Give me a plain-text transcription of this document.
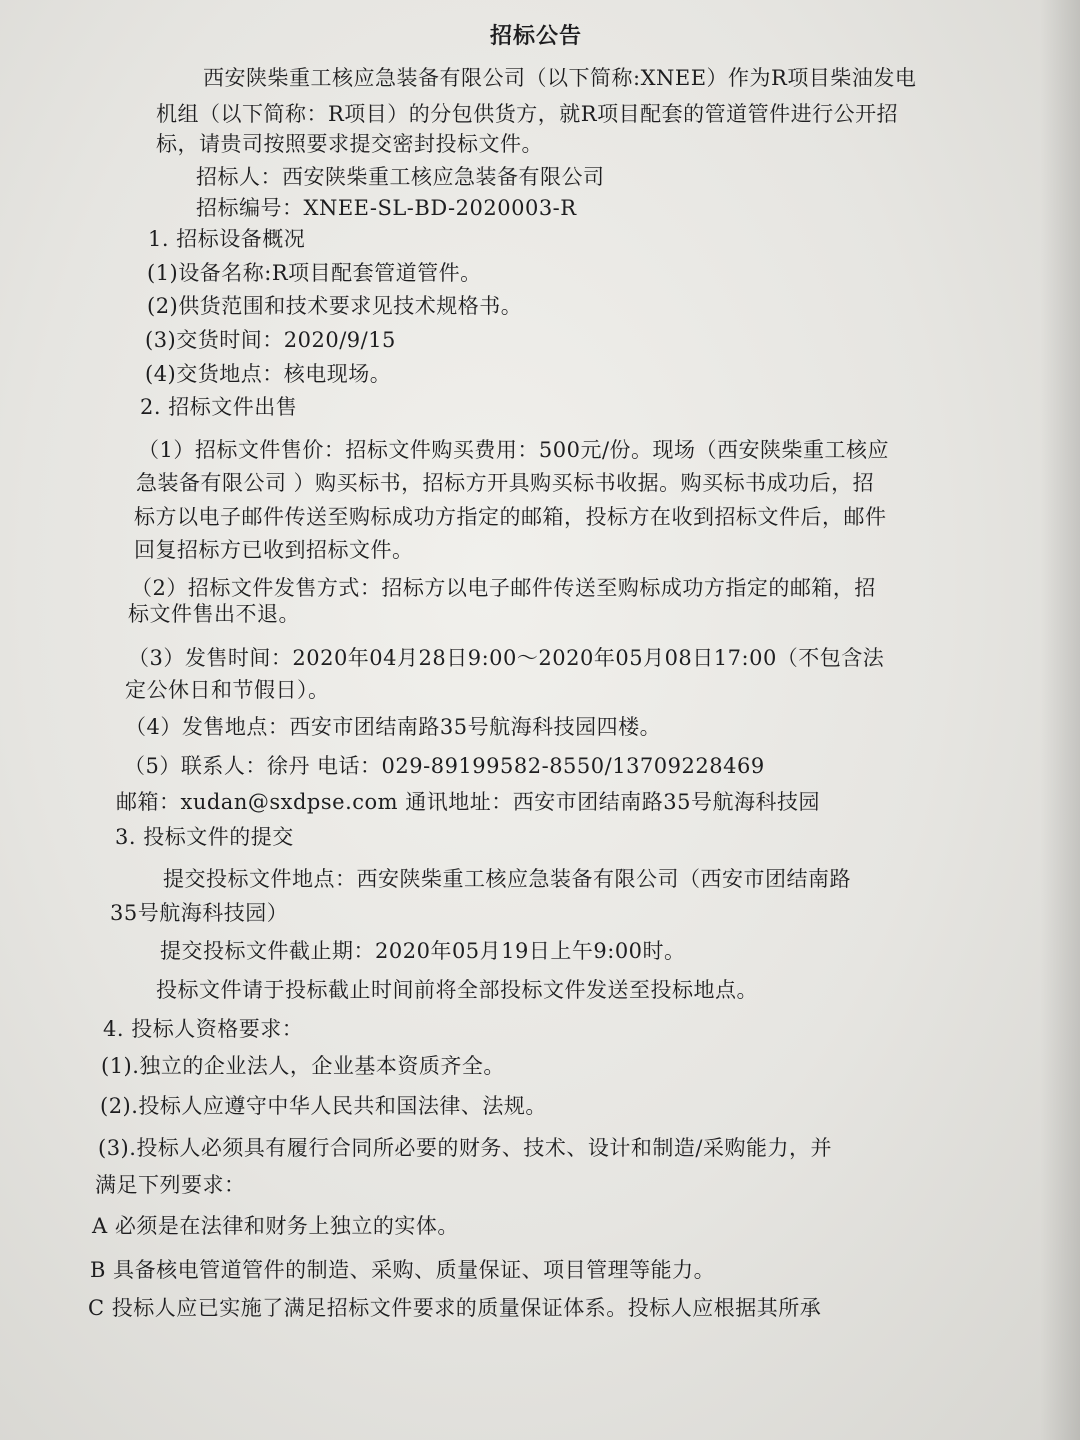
招标公告
西安陕柴重工核应急装备有限公司（以下简称:XNEE）作为R项目柴油发电
机组（以下简称：R项目）的分包供货方，就R项目配套的管道管件进行公开招
标，请贵司按照要求提交密封投标文件。
招标人：西安陕柴重工核应急装备有限公司
招标编号：XNEE-SL-BD-2020003-R
1. 招标设备概况
(1)设备名称:R项目配套管道管件。
(2)供货范围和技术要求见技术规格书。
(3)交货时间：2020/9/15
(4)交货地点：核电现场。
2. 招标文件出售
（1）招标文件售价：招标文件购买费用：500元/份。现场（西安陕柴重工核应
急装备有限公司 ）购买标书，招标方开具购买标书收据。购买标书成功后，招
标方以电子邮件传送至购标成功方指定的邮箱，投标方在收到招标文件后，邮件
回复招标方已收到招标文件。
（2）招标文件发售方式：招标方以电子邮件传送至购标成功方指定的邮箱，招
标文件售出不退。
（3）发售时间：2020年04月28日9:00～2020年05月08日17:00（不包含法
定公休日和节假日）。
（4）发售地点：西安市团结南路35号航海科技园四楼。
（5）联系人：徐丹 电话：029-89199582-8550/13709228469
邮箱：xudan@sxdpse.com 通讯地址：西安市团结南路35号航海科技园
3. 投标文件的提交
提交投标文件地点：西安陕柴重工核应急装备有限公司（西安市团结南路
35号航海科技园）
提交投标文件截止期：2020年05月19日上午9:00时。
投标文件请于投标截止时间前将全部投标文件发送至投标地点。
4. 投标人资格要求：
(1).独立的企业法人，企业基本资质齐全。
(2).投标人应遵守中华人民共和国法律、法规。
(3).投标人必须具有履行合同所必要的财务、技术、设计和制造/采购能力，并
满足下列要求：
A 必须是在法律和财务上独立的实体。
B 具备核电管道管件的制造、采购、质量保证、项目管理等能力。
C 投标人应已实施了满足招标文件要求的质量保证体系。投标人应根据其所承
